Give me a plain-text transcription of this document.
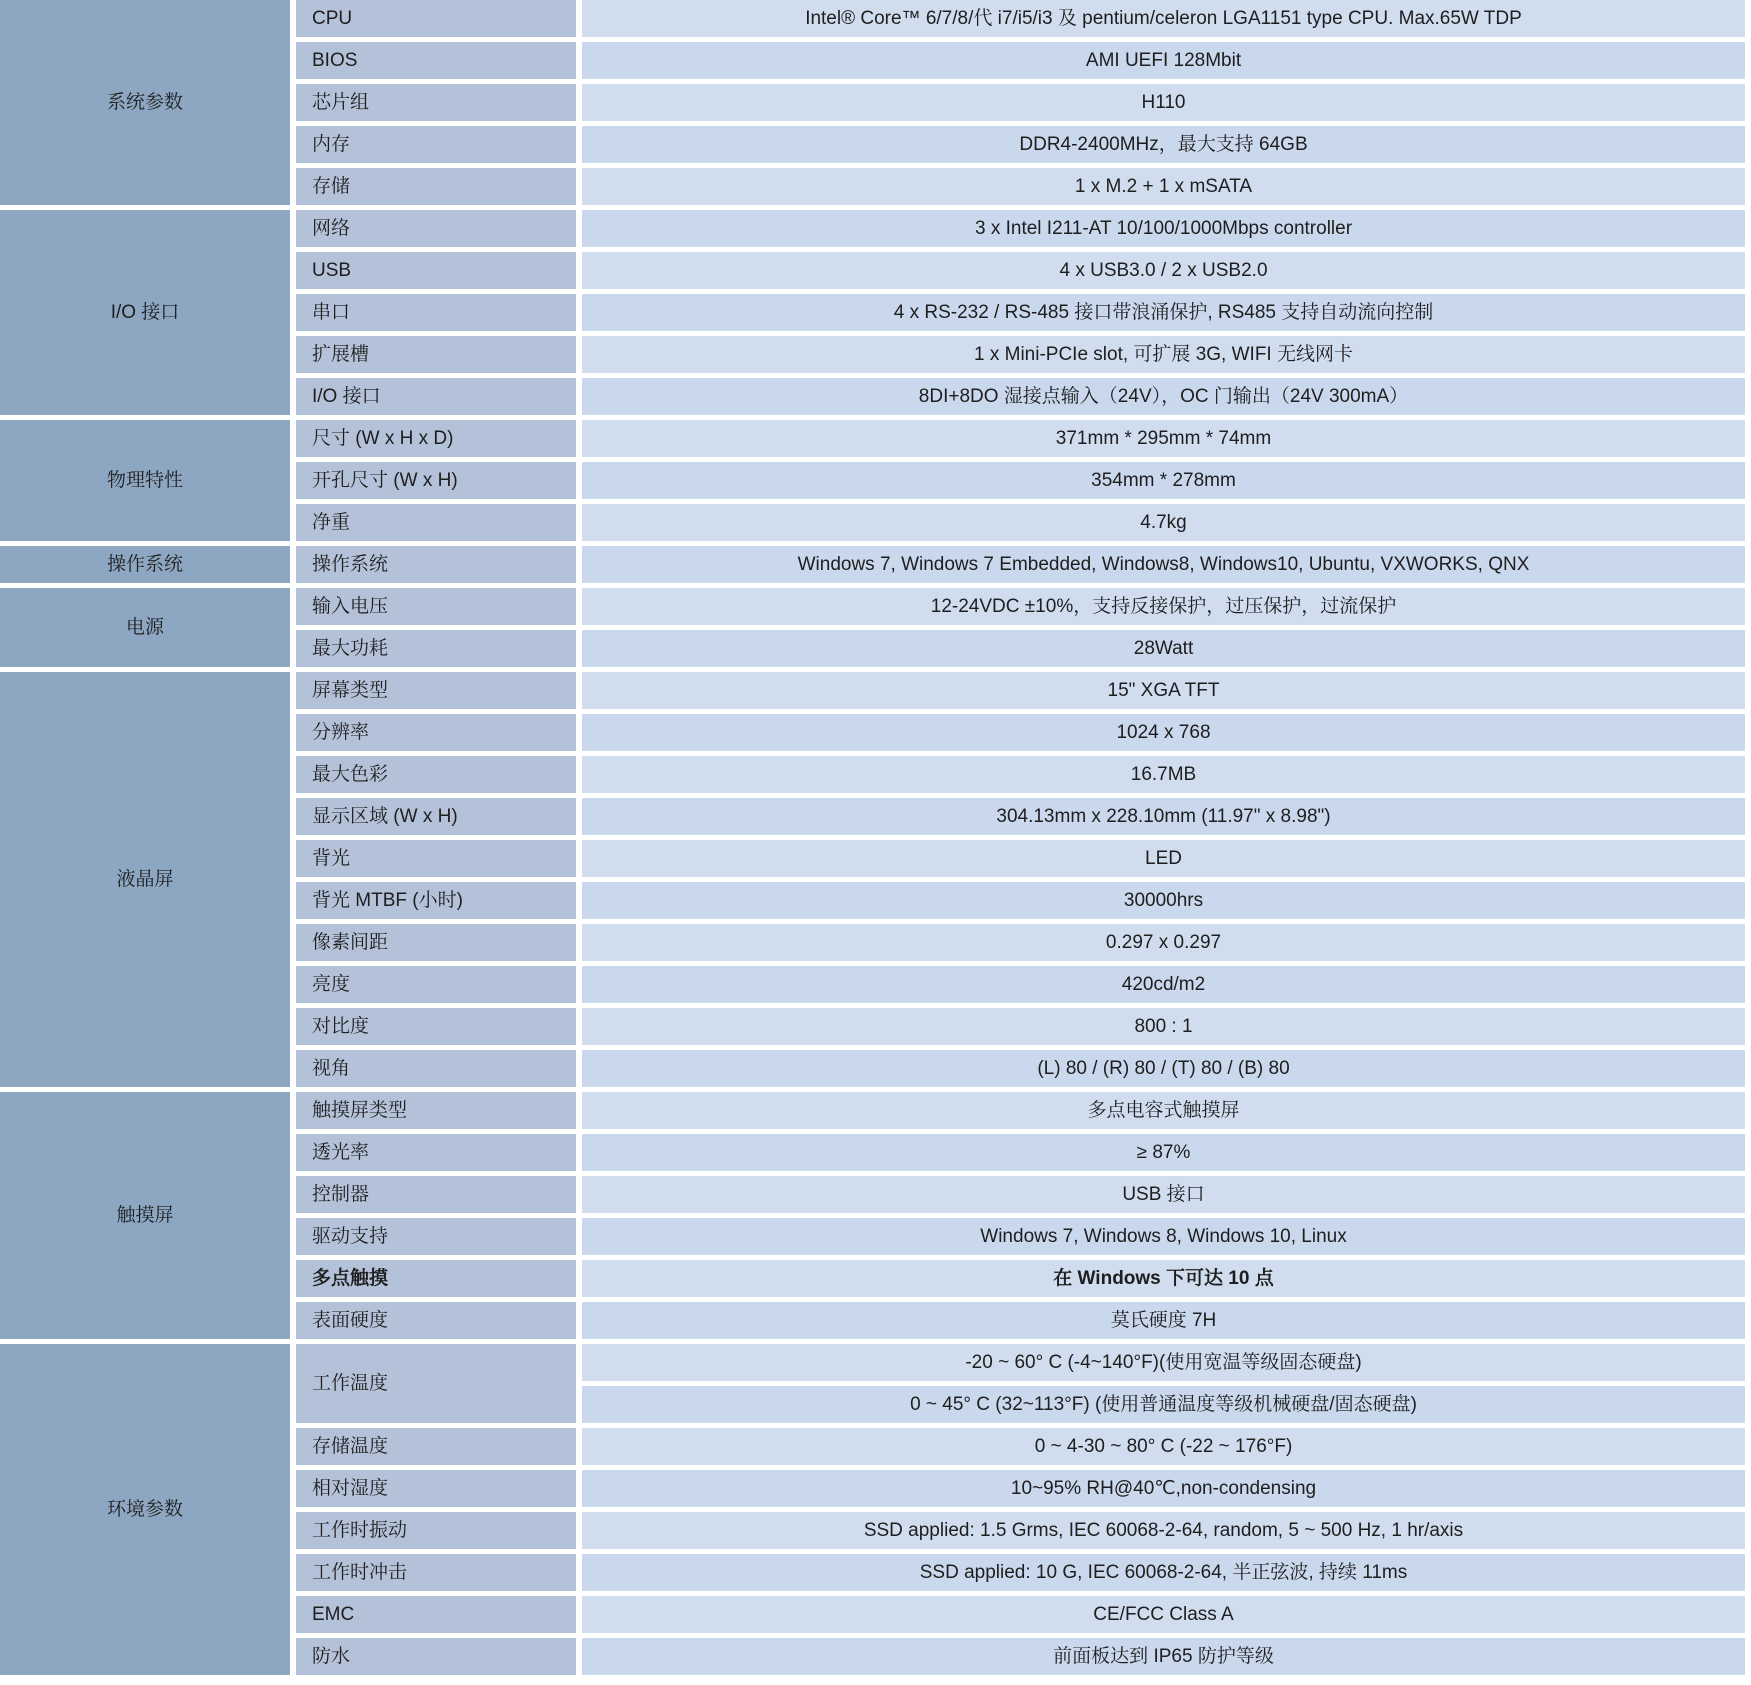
系统参数	CPU	Intel® Core™ 6/7/8/代 i7/i5/i3 及 pentium/celeron LGA1151 type CPU. Max.65W TDP
	BIOS	AMI UEFI 128Mbit
	芯片组	H110
	内存	DDR4-2400MHz，最大支持 64GB
	存储	1 x M.2 + 1 x mSATA
I/O 接口	网络	3 x Intel I211-AT 10/100/1000Mbps controller
	USB	4 x USB3.0 / 2 x USB2.0
	串口	4 x RS-232 / RS-485 接口带浪涌保护, RS485 支持自动流向控制
	扩展槽	1 x Mini-PCIe slot, 可扩展 3G, WIFI 无线网卡
	I/O 接口	8DI+8DO 湿接点输入（24V），OC 门输出（24V 300mA）
物理特性	尺寸 (W x H x D)	371mm * 295mm * 74mm
	开孔尺寸 (W x H)	354mm * 278mm
	净重	4.7kg
操作系统	操作系统	Windows 7, Windows 7 Embedded, Windows8, Windows10, Ubuntu, VXWORKS, QNX
电源	输入电压	12-24VDC ±10%，支持反接保护，过压保护，过流保护
	最大功耗	28Watt
液晶屏	屏幕类型	15" XGA TFT
	分辨率	1024 x 768
	最大色彩	16.7MB
	显示区域 (W x H)	304.13mm x 228.10mm (11.97" x 8.98")
	背光	LED
	背光 MTBF (小时)	30000hrs
	像素间距	0.297 x 0.297
	亮度	420cd/m2
	对比度	800 : 1
	视角	(L) 80 / (R) 80 / (T) 80 / (B) 80
触摸屏	触摸屏类型	多点电容式触摸屏
	透光率	≥ 87%
	控制器	USB 接口
	驱动支持	Windows 7, Windows 8, Windows 10, Linux
	多点触摸	在 Windows 下可达 10 点
	表面硬度	莫氏硬度 7H
环境参数	工作温度	-20 ~ 60° C (-4~140°F)(使用宽温等级固态硬盘)
		0 ~ 45° C (32~113°F) (使用普通温度等级机械硬盘/固态硬盘)
	存储温度	0 ~ 4-30 ~ 80° C (-22 ~ 176°F)
	相对湿度	10~95% RH@40℃,non-condensing
	工作时振动	SSD applied: 1.5 Grms, IEC 60068-2-64, random, 5 ~ 500 Hz, 1 hr/axis
	工作时冲击	SSD applied: 10 G, IEC 60068-2-64, 半正弦波, 持续 11ms
	EMC	CE/FCC Class A
	防水	前面板达到 IP65 防护等级
